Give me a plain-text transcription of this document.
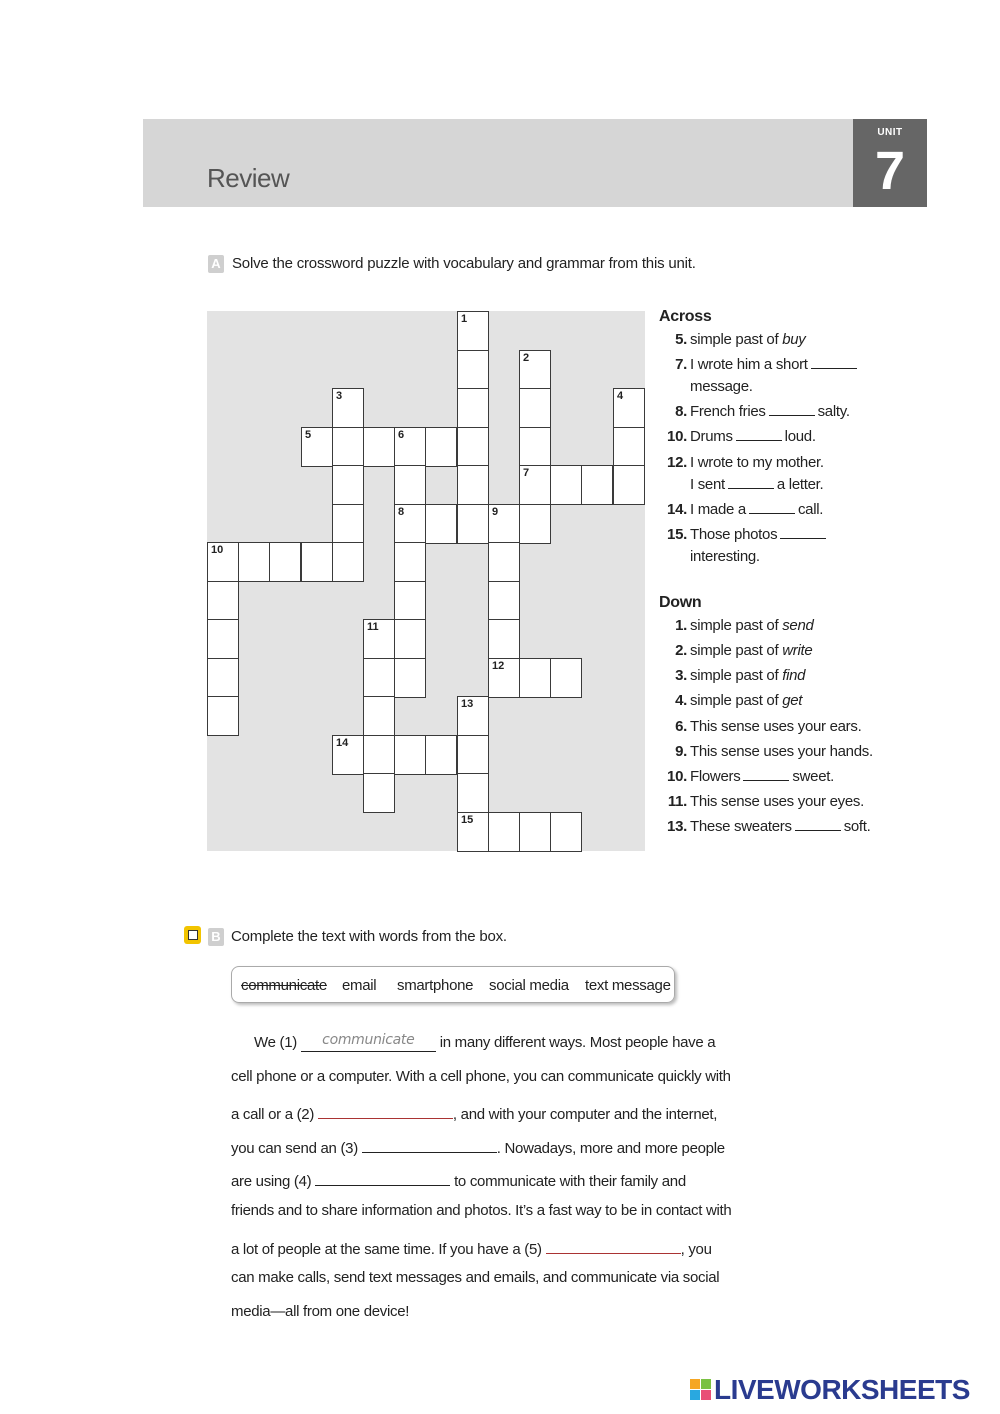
Review
UNIT
7
A Solve the crossword puzzle with vocabulary and grammar from this unit.
1
2
7
3	4
5	6
8	9
10
12
11
13
15
14
Across
5. simple past of buy
7. I wrote him a short
message.
8. French fries	salty.
10. Drums	loud.
12. I wrote to my mother.
I sent	a letter.
14. I made a	call.
15. Those photos
interesting.
Down
1. simple past of send
2. simple past of write
3. simple past of find
4. simple past of get
6. This sense uses your ears.
9. This sense uses your hands.
10. Flowers	sweet.
11. This sense uses your eyes.
13. These sweaters	soft.
B Complete the text with words from the box.
communicate email smartphone social media text message
We (1) communicate in many different ways. Most people have a
cell phone or a computer. With a cell phone, you can communicate quickly with
a call or a (2)	, and with your computer and the internet,
you can send an (3)	. Nowadays, more and more people
are using (4)	to communicate with their family and
friends and to share information and photos. It’s a fast way to be in contact with
a lot of people at the same time. If you have a (5)	, you
can make calls, send text messages and emails, and communicate via social
media—all from one device!
LIVEWORKSHEETS
